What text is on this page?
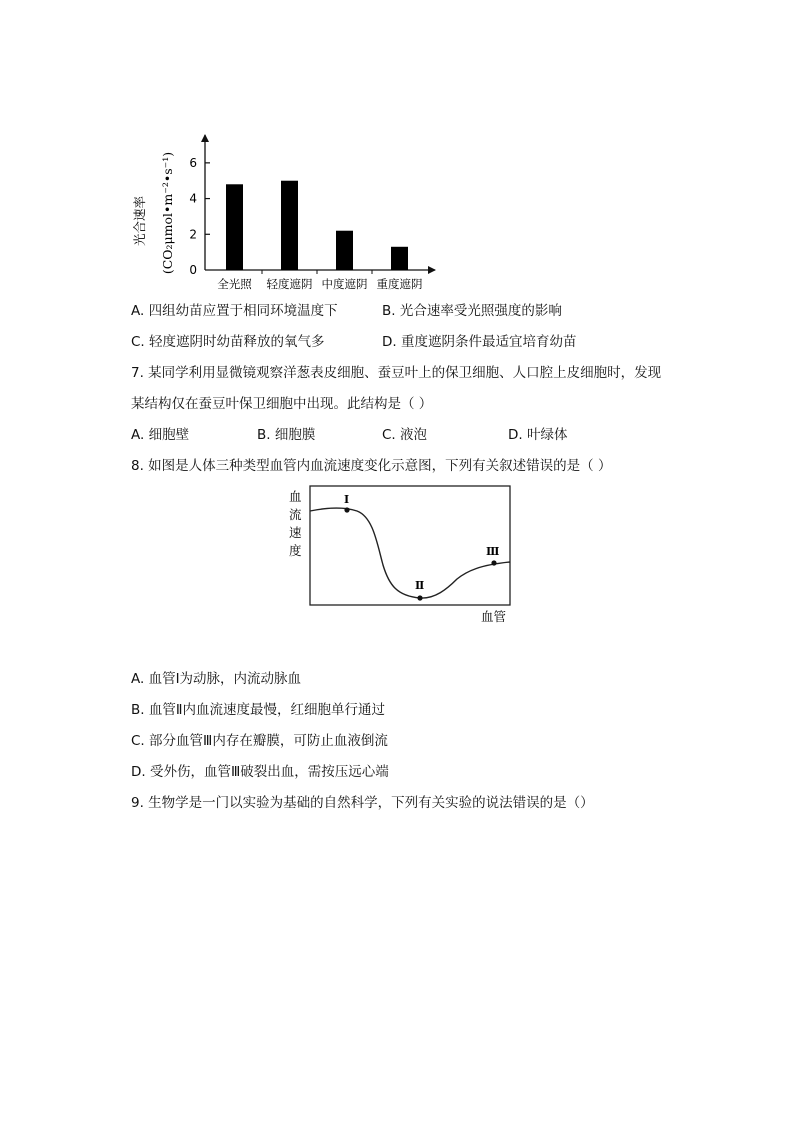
0
2
4
6
全光照 轻度遮阴 中度遮阴 重度遮阴
光合速率 (CO₂μmol•m⁻²•s⁻¹)
A. 四组幼苗应置于相同环境温度下	B. 光合速率受光照强度的影响
C. 轻度遮阴时幼苗释放的氧气多	D. 重度遮阴条件最适宜培育幼苗
7. 某同学利用显微镜观察洋葱表皮细胞、蚕豆叶上的保卫细胞、人口腔上皮细胞时，发现
某结构仅在蚕豆叶保卫细胞中出现。此结构是（ ）
A. 细胞壁	B. 细胞膜	C. 液泡	D. 叶绿体
8. 如图是人体三种类型血管内血流速度变化示意图，下列有关叙述错误的是（ ）
血
流
速
度
Ⅰ
Ⅱ
Ⅲ
血管
A. 血管Ⅰ为动脉，内流动脉血
B. 血管Ⅱ内血流速度最慢，红细胞单行通过
C. 部分血管Ⅲ内存在瓣膜，可防止血液倒流
D. 受外伤，血管Ⅲ破裂出血，需按压远心端
9. 生物学是一门以实验为基础的自然科学，下列有关实验的说法错误的是（）
